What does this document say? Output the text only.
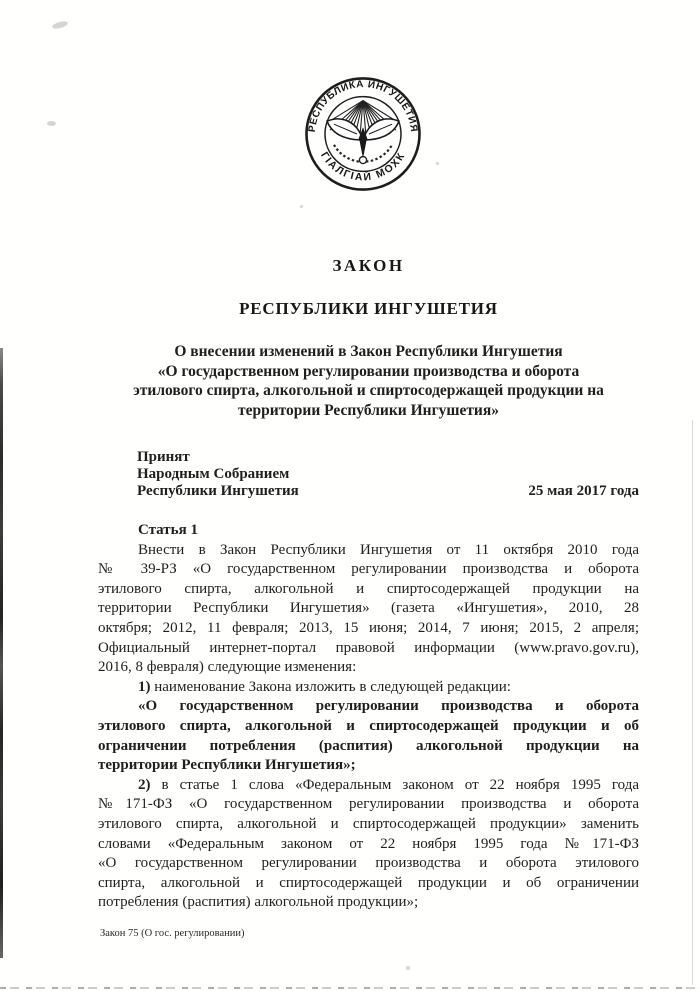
РЕСПУБЛИКА ИНГУШЕТИЯ
ГIАЛГIАЙ МОХК
ЗАКОН
РЕСПУБЛИКИ ИНГУШЕТИЯ
О внесении изменений в Закон Республики Ингушетия
«О государственном регулировании производства и оборота
этилового спирта, алкогольной и спиртосодержащей продукции на
территории Республики Ингушетия»
Принят
Народным Собранием
Республики Ингушетия	25 мая 2017 года
Статья 1
Внести в Закон Республики Ингушетия от 11 октября 2010 года
№ 39-РЗ «О государственном регулировании производства и оборота
этилового спирта, алкогольной и спиртосодержащей продукции на
территории Республики Ингушетия» (газета «Ингушетия», 2010, 28
октября; 2012, 11 февраля; 2013, 15 июня; 2014, 7 июня; 2015, 2 апреля;
Официальный интернет-портал правовой информации (www.pravo.gov.ru),
2016, 8 февраля) следующие изменения:
1) наименование Закона изложить в следующей редакции:
«О государственном регулировании производства и оборота
этилового спирта, алкогольной и спиртосодержащей продукции и об
ограничении потребления (распития) алкогольной продукции на
территории Республики Ингушетия»;
2) в статье 1 слова «Федеральным законом от 22 ноября 1995 года
№171-ФЗ «О государственном регулировании производства и оборота
этилового спирта, алкогольной и спиртосодержащей продукции» заменить
словами «Федеральным законом от 22 ноября 1995 года №171-ФЗ
«О государственном регулировании производства и оборота этилового
спирта, алкогольной и спиртосодержащей продукции и об ограничении
потребления (распития) алкогольной продукции»;
Закон 75 (О гос. регулировании)
